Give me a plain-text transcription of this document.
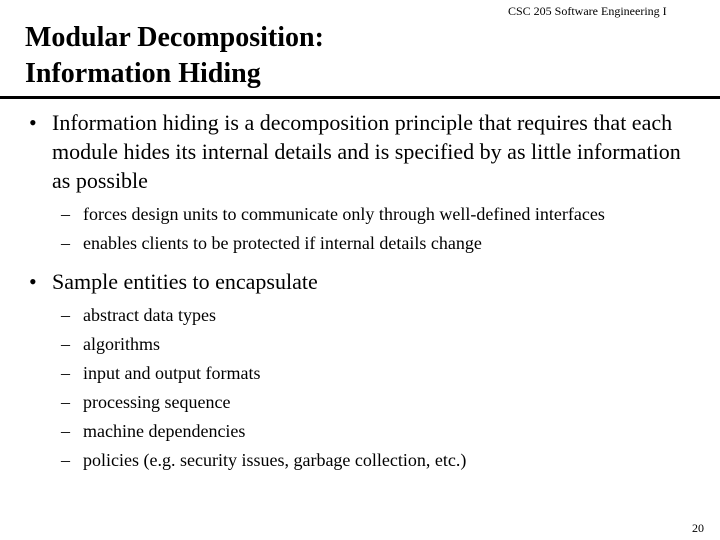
CSC 205 Software Engineering I
Modular Decomposition:
Information Hiding
• Information hiding is a decomposition principle that requires that each module hides its internal details and is specified by as little information as possible
– forces design units to communicate only through well-defined interfaces
– enables clients to be protected if internal details change
• Sample entities to encapsulate
– abstract data types
– algorithms
– input and output formats
– processing sequence
– machine dependencies
– policies (e.g. security issues, garbage collection, etc.)
20
